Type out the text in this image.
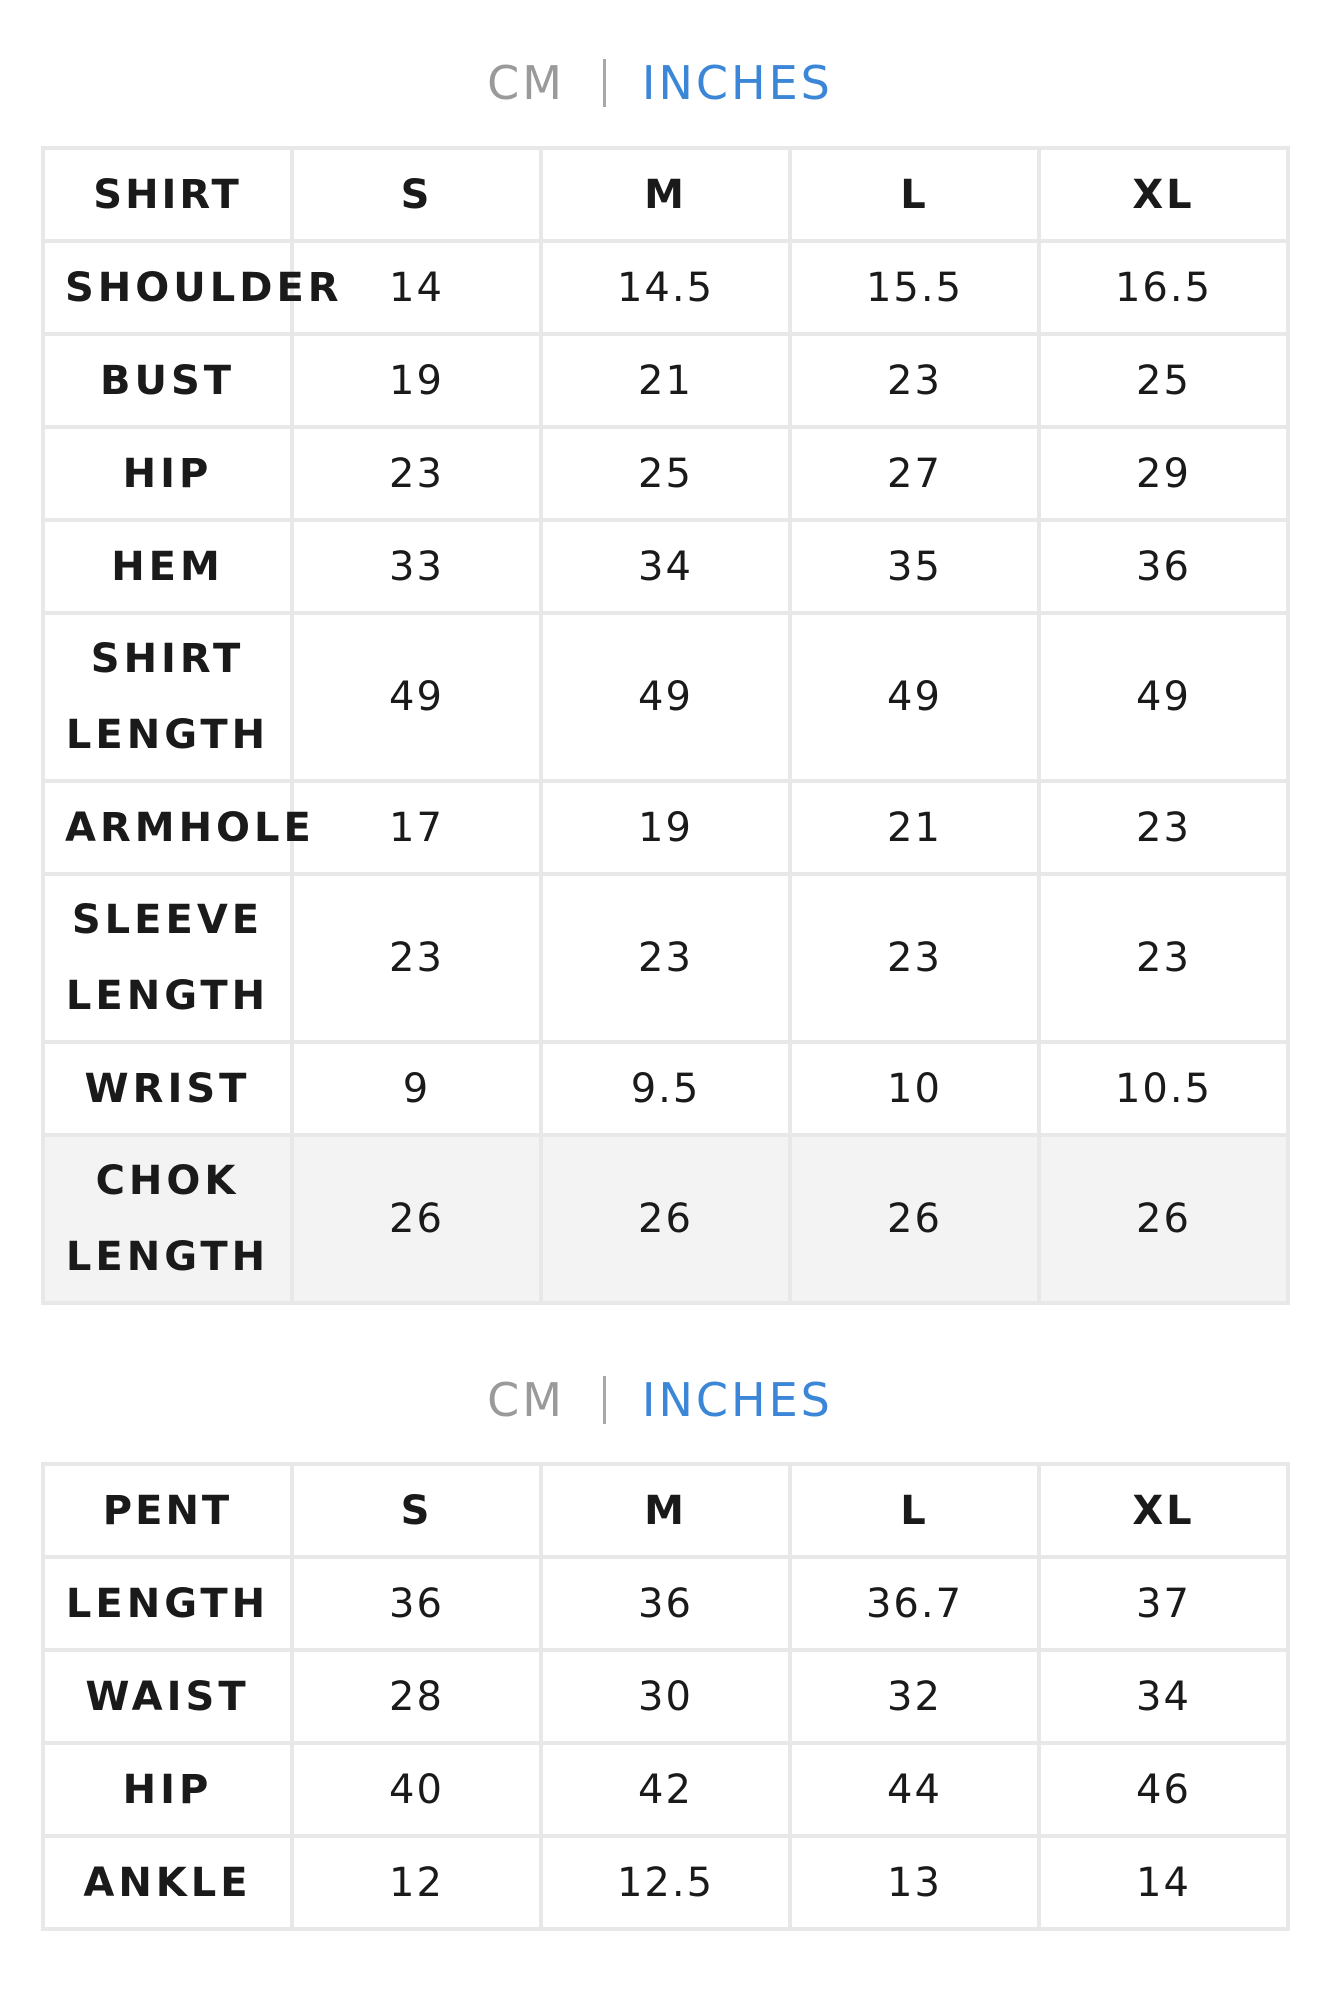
CM INCHES
SHIRT	S	M	L	XL
SHOULDER	14	14.5	15.5	16.5
BUST	19	21	23	25
HIP	23	25	27	29
HEM	33	34	35	36

SHIRT LENGTH	49	49	49	49
ARMHOLE	17	19	21	23

SLEEVE LENGTH	23	23	23	23
WRIST	9	9.5	10	10.5

CHOK LENGTH	26	26	26	26
CM INCHES
PENT	S	M	L	XL
LENGTH	36	36	36.7	37
WAIST	28	30	32	34
HIP	40	42	44	46
ANKLE	12	12.5	13	14
